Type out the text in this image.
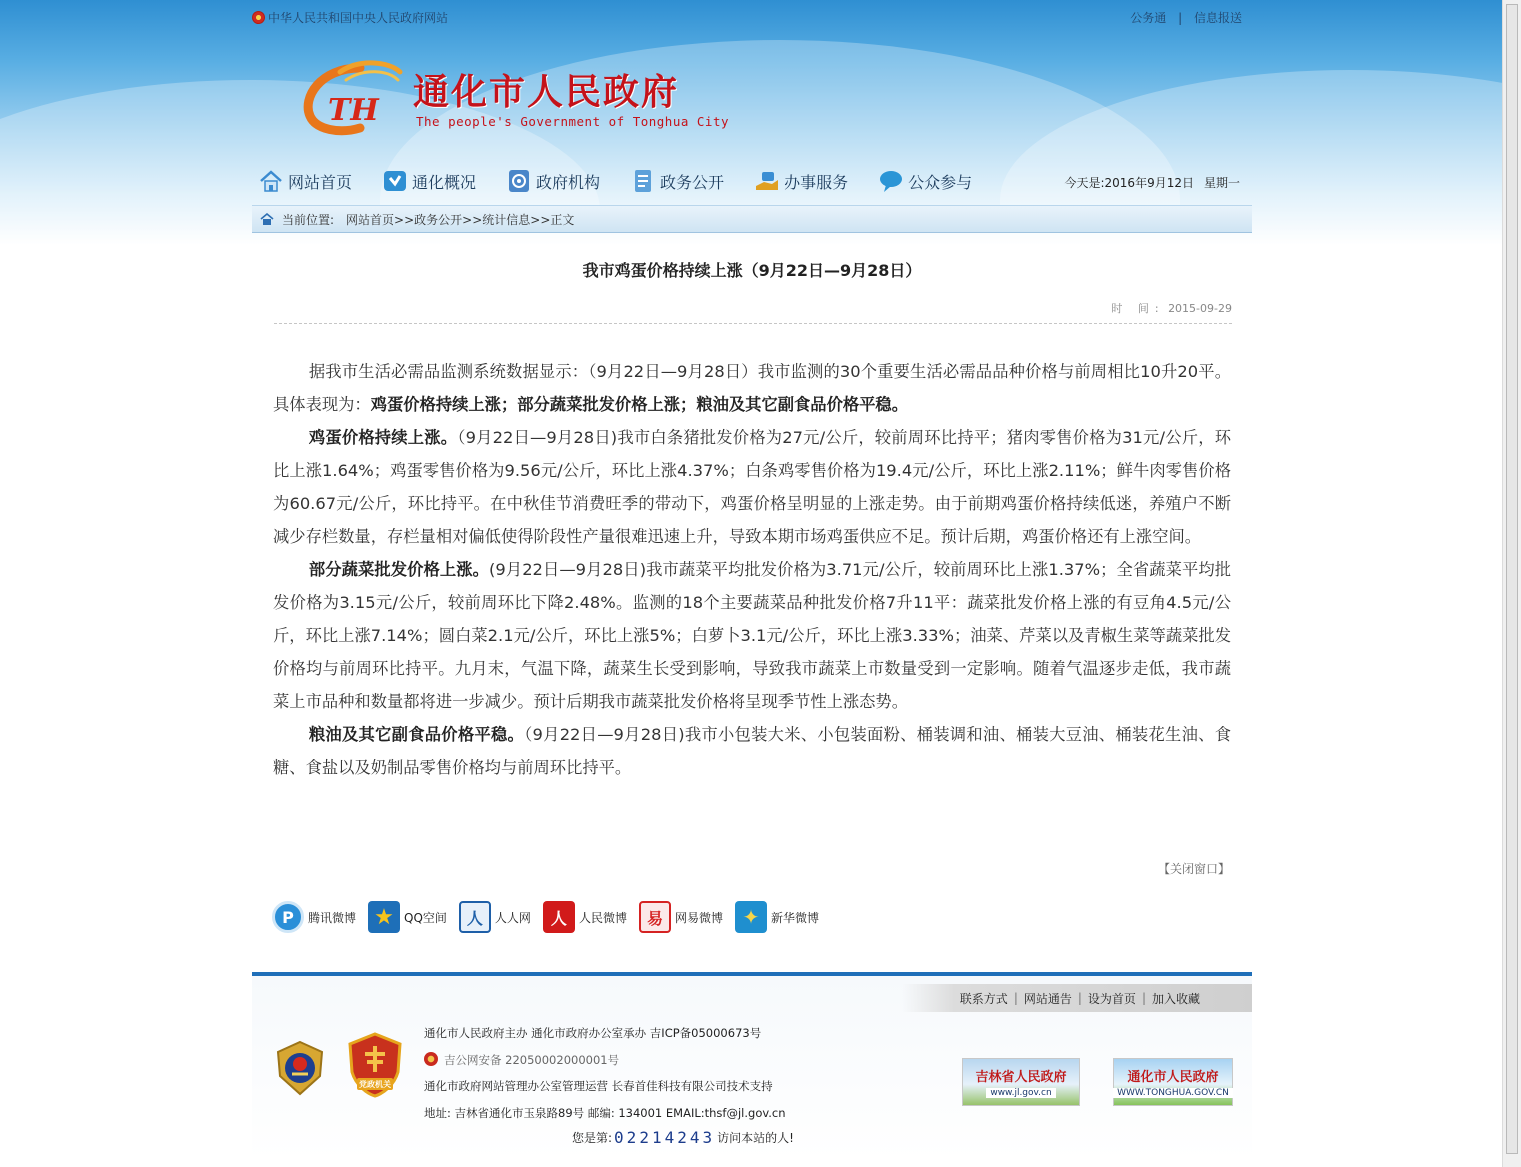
中华人民共和国中央人民政府网站	公务通 | 信息报送
TH 通化市人民政府
The people's Government of Tonghua City
网站首页	通化概况	政府机构	政务公开	办事服务	公众参与	今天是:2016年9月12日 星期一
当前位置: 网站首页>>政务公开>>统计信息>>正文
我市鸡蛋价格持续上涨（9月22日—9月28日）
时 间: 2015-09-29

据我市生活必需品监测系统数据显示：（9月22日—9月28日）我市监测的30个重要生活必需品品种价格与前周相比10升20平。具体表现为：鸡蛋价格持续上涨；部分蔬菜批发价格上涨；粮油及其它副食品价格平稳。

鸡蛋价格持续上涨。（9月22日—9月28日)我市白条猪批发价格为27元/公斤，较前周环比持平；猪肉零售价格为31元/公斤，环比上涨1.64%；鸡蛋零售价格为9.56元/公斤，环比上涨4.37%；白条鸡零售价格为19.4元/公斤，环比上涨2.11%；鲜牛肉零售价格为60.67元/公斤，环比持平。在中秋佳节消费旺季的带动下，鸡蛋价格呈明显的上涨走势。由于前期鸡蛋价格持续低迷，养殖户不断减少存栏数量，存栏量相对偏低使得阶段性产量很难迅速上升，导致本期市场鸡蛋供应不足。预计后期，鸡蛋价格还有上涨空间。

部分蔬菜批发价格上涨。(9月22日—9月28日)我市蔬菜平均批发价格为3.71元/公斤，较前周环比上涨1.37%；全省蔬菜平均批发价格为3.15元/公斤，较前周环比下降2.48%。监测的18个主要蔬菜品种批发价格7升11平：蔬菜批发价格上涨的有豆角4.5元/公斤，环比上涨7.14%；圆白菜2.1元/公斤，环比上涨5%；白萝卜3.1元/公斤，环比上涨3.33%；油菜、芹菜以及青椒生菜等蔬菜批发价格均与前周环比持平。九月末，气温下降，蔬菜生长受到影响，导致我市蔬菜上市数量受到一定影响。随着气温逐步走低，我市蔬菜上市品种和数量都将进一步减少。预计后期我市蔬菜批发价格将呈现季节性上涨态势。

粮油及其它副食品价格平稳。（9月22日—9月28日)我市小包装大米、小包装面粉、桶装调和油、桶装大豆油、桶装花生油、食糖、食盐以及奶制品零售价格均与前周环比持平。

【关闭窗口】
P	腾讯微博 ★ QQ空间	人	人人网	人	人民微博	易	网易微博 ✦ 新华微博
联系方式 | 网站通告 | 设为首页 | 加入收藏
党政机关
通化市人民政府主办 通化市政府办公室承办 吉ICP备05000673号
吉公网安备 22050002000001号
通化市政府网站管理办公室管理运营 长春首佳科技有限公司技术支持
地址: 吉林省通化市玉泉路89号 邮编: 134001 EMAIL:thsf@jl.gov.cn
您是第: 02214243 访问本站的人!
吉林省人民政府
www.jl.gov.cn
通化市人民政府
WWW.TONGHUA.GOV.CN
